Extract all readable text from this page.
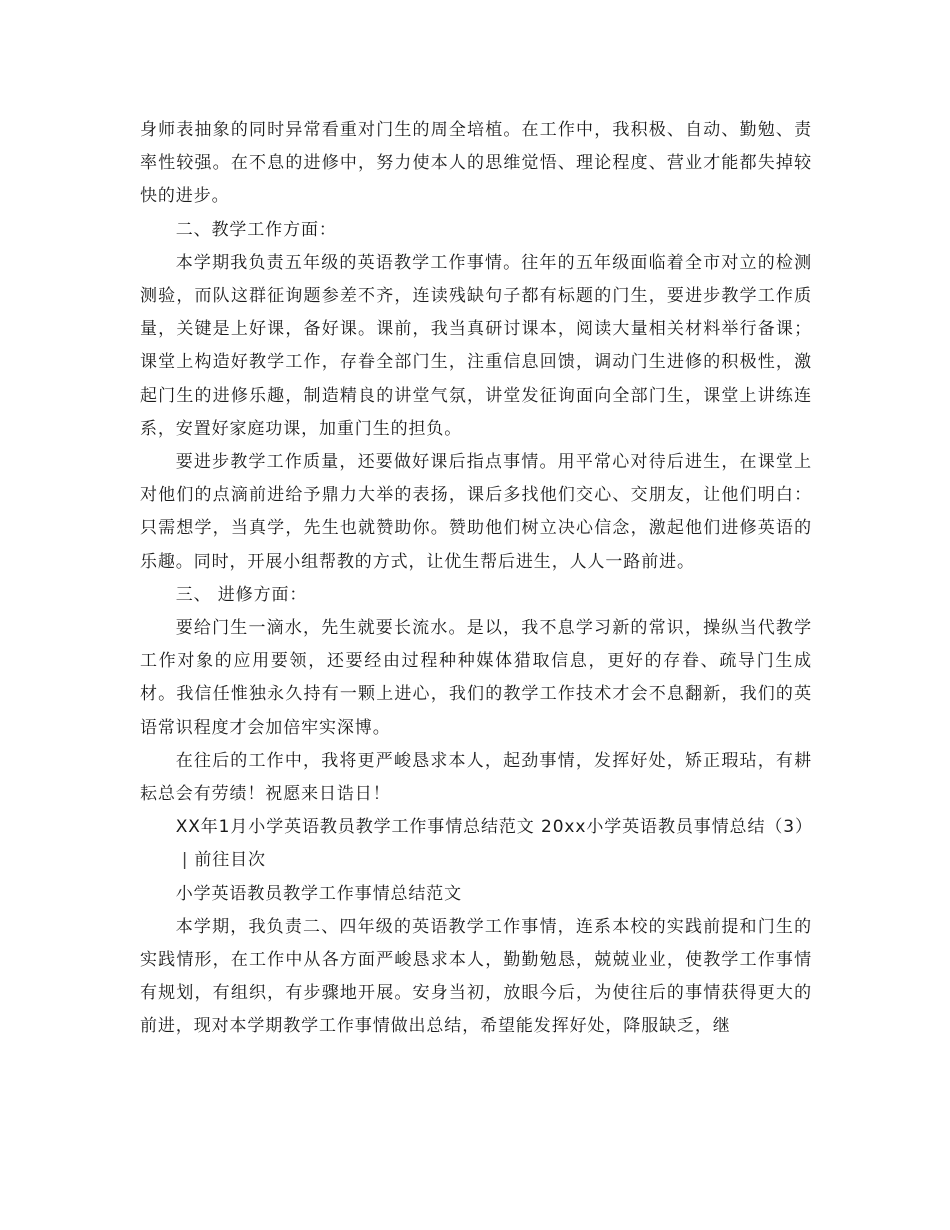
身师表抽象的同时异常看重对门生的周全培植。在工作中，我积极、自动、勤勉、责率性较强。在不息的进修中，努力使本人的思维觉悟、理论程度、营业才能都失掉较快的进步。

二、教学工作方面：

本学期我负责五年级的英语教学工作事情。往年的五年级面临着全市对立的检测测验，而队这群征询题参差不齐，连读残缺句子都有标题的门生，要进步教学工作质量，关键是上好课，备好课。课前，我当真研讨课本，阅读大量相关材料举行备课；课堂上构造好教学工作，存眷全部门生，注重信息回馈，调动门生进修的积极性，激起门生的进修乐趣，制造精良的讲堂气氛，讲堂发征询面向全部门生，课堂上讲练连系，安置好家庭功课，加重门生的担负。

要进步教学工作质量，还要做好课后指点事情。用平常心对待后进生，在课堂上对他们的点滴前进给予鼎力大举的表扬，课后多找他们交心、交朋友，让他们明白：只需想学，当真学，先生也就赞助你。赞助他们树立决心信念，激起他们进修英语的乐趣。同时，开展小组帮教的方式，让优生帮后进生，人人一路前进。

三、 进修方面：

要给门生一滴水，先生就要长流水。是以，我不息学习新的常识，操纵当代教学工作对象的应用要领，还要经由过程种种媒体猎取信息，更好的存眷、疏导门生成材。我信任惟独永久持有一颗上进心，我们的教学工作技术才会不息翻新，我们的英语常识程度才会加倍牢实深博。

在往后的工作中，我将更严峻恳求本人，起劲事情，发挥好处，矫正瑕玷，有耕耘总会有劳绩！祝愿来日诰日！

XX年1月小学英语教员教学工作事情总结范文 20xx小学英语教员事情总结（3）| 前往目次

小学英语教员教学工作事情总结范文

本学期，我负责二、四年级的英语教学工作事情，连系本校的实践前提和门生的实践情形，在工作中从各方面严峻恳求本人，勤勤勉恳，兢兢业业，使教学工作事情有规划，有组织，有步骤地开展。安身当初，放眼今后，为使往后的事情获得更大的前进，现对本学期教学工作事情做出总结，希望能发挥好处，降服缺乏，继
